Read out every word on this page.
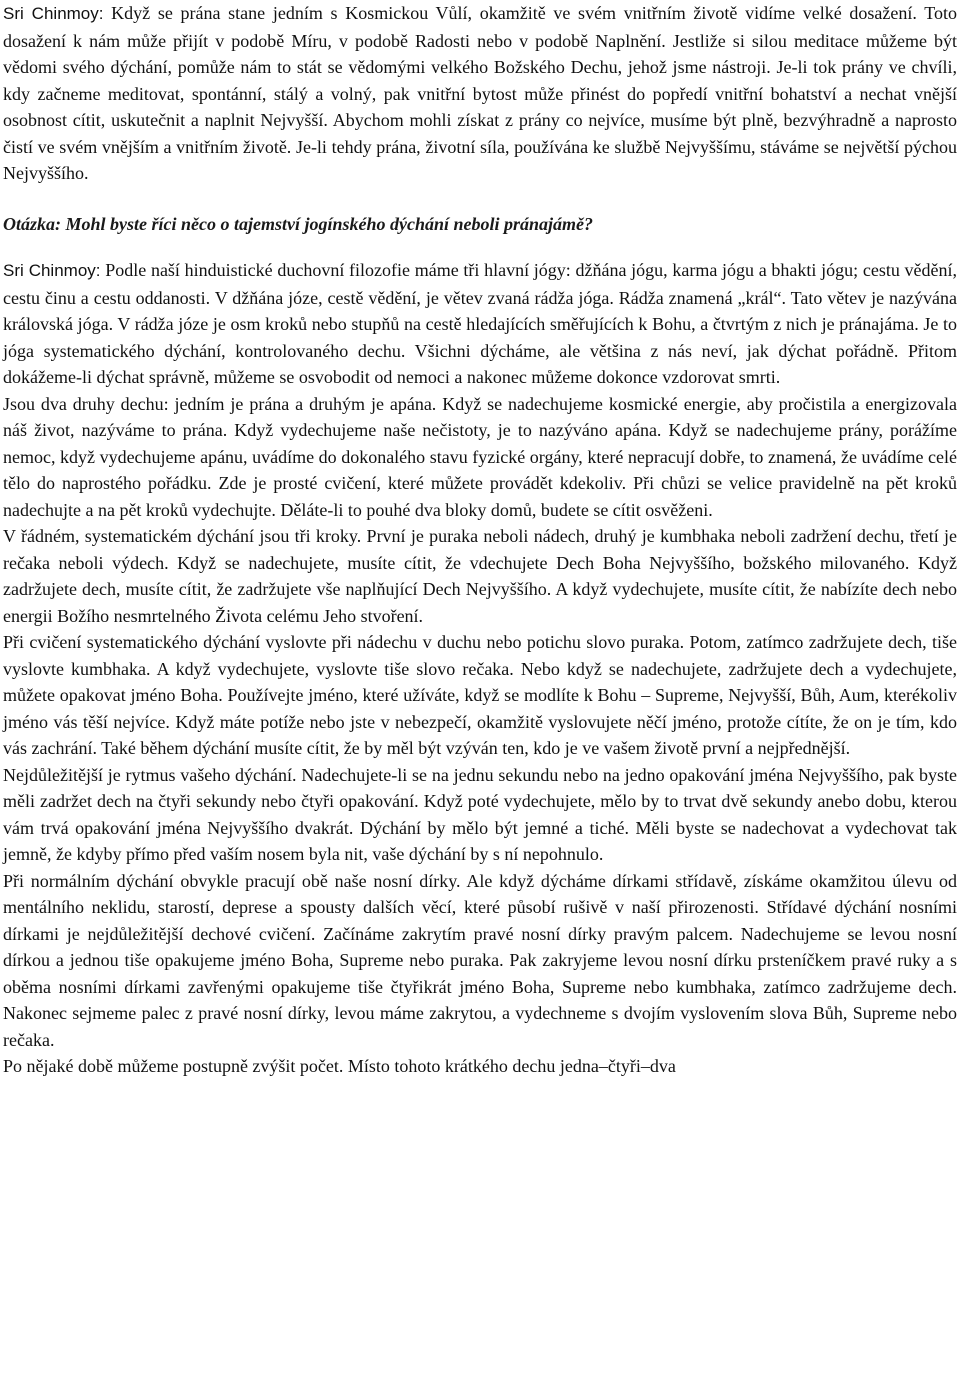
Sri Chinmoy: Když se prána stane jedním s Kosmickou Vůlí, okamžitě ve svém vnitřním životě vidíme velké dosažení. Toto dosažení k nám může přijít v podobě Míru, v podobě Radosti nebo v podobě Naplnění. Jestliže si silou meditace můžeme být vědomi svého dýchání, pomůže nám to stát se vědomými velkého Božského Dechu, jehož jsme nástroji. Je-li tok prány ve chvíli, kdy začneme meditovat, spontánní, stálý a volný, pak vnitřní bytost může přinést do popředí vnitřní bohatství a nechat vnější osobnost cítit, uskutečnit a naplnit Nejvyšší. Abychom mohli získat z prány co nejvíce, musíme být plně, bezvýhradně a naprosto čistí ve svém vnějším a vnitřním životě. Je-li tehdy prána, životní síla, používána ke službě Nejvyššímu, stáváme se největší pýchou Nejvyššího.

Otázka: Mohl byste říci něco o tajemství jogínského dýchání neboli pránajámě?

Sri Chinmoy: Podle naší hinduistické duchovní filozofie máme tři hlavní jógy: džňána jógu, karma jógu a bhakti jógu; cestu vědění, cestu činu a cestu oddanosti. V džňána józe, cestě vědění, je větev zvaná rádža jóga. Rádža znamená „král“. Tato větev je nazývána královská jóga. V rádža józe je osm kroků nebo stupňů na cestě hledajících směřujících k Bohu, a čtvrtým z nich je pránajáma. Je to jóga systematického dýchání, kontrolovaného dechu. Všichni dýcháme, ale většina z nás neví, jak dýchat pořádně. Přitom dokážeme-li dýchat správně, můžeme se osvobodit od nemoci a nakonec můžeme dokonce vzdorovat smrti.

Jsou dva druhy dechu: jedním je prána a druhým je apána. Když se nadechujeme kosmické energie, aby pročistila a energizovala náš život, nazýváme to prána. Když vydechujeme naše nečistoty, je to nazýváno apána. Když se nadechujeme prány, porážíme nemoc, když vydechujeme apánu, uvádíme do dokonalého stavu fyzické orgány, které nepracují dobře, to znamená, že uvádíme celé tělo do naprostého pořádku. Zde je prosté cvičení, které můžete provádět kdekoliv. Při chůzi se velice pravidelně na pět kroků nadechujte a na pět kroků vydechujte. Děláte-li to pouhé dva bloky domů, budete se cítit osvěženi.

V řádném, systematickém dýchání jsou tři kroky. První je puraka neboli nádech, druhý je kumbhaka neboli zadržení dechu, třetí je rečaka neboli výdech. Když se nadechujete, musíte cítit, že vdechujete Dech Boha Nejvyššího, božského milovaného. Když zadržujete dech, musíte cítit, že zadržujete vše naplňující Dech Nejvyššího. A když vydechujete, musíte cítit, že nabízíte dech nebo energii Božího nesmrtelného Života celému Jeho stvoření.

Při cvičení systematického dýchání vyslovte při nádechu v duchu nebo potichu slovo puraka. Potom, zatímco zadržujete dech, tiše vyslovte kumbhaka. A když vydechujete, vyslovte tiše slovo rečaka. Nebo když se nadechujete, zadržujete dech a vydechujete, můžete opakovat jméno Boha. Používejte jméno, které užíváte, když se modlíte k Bohu – Supreme, Nejvyšší, Bůh, Aum, kterékoliv jméno vás těší nejvíce. Když máte potíže nebo jste v nebezpečí, okamžitě vyslovujete něčí jméno, protože cítíte, že on je tím, kdo vás zachrání. Také během dýchání musíte cítit, že by měl být vzýván ten, kdo je ve vašem životě první a nejpřednější.

Nejdůležitější je rytmus vašeho dýchání. Nadechujete-li se na jednu sekundu nebo na jedno opakování jména Nejvyššího, pak byste měli zadržet dech na čtyři sekundy nebo čtyři opakování. Když poté vydechujete, mělo by to trvat dvě sekundy anebo dobu, kterou vám trvá opakování jména Nejvyššího dvakrát. Dýchání by mělo být jemné a tiché. Měli byste se nadechovat a vydechovat tak jemně, že kdyby přímo před vaším nosem byla nit, vaše dýchání by s ní nepohnulo.

Při normálním dýchání obvykle pracují obě naše nosní dírky. Ale když dýcháme dírkami střídavě, získáme okamžitou úlevu od mentálního neklidu, starostí, deprese a spousty dalších věcí, které působí rušivě v naší přirozenosti. Střídavé dýchání nosními dírkami je nejdůležitější dechové cvičení. Začínáme zakrytím pravé nosní dírky pravým palcem. Nadechujeme se levou nosní dírkou a jednou tiše opakujeme jméno Boha, Supreme nebo puraka. Pak zakryjeme levou nosní dírku prsteníčkem pravé ruky a s oběma nosními dírkami zavřenými opakujeme tiše čtyřikrát jméno Boha, Supreme nebo kumbhaka, zatímco zadržujeme dech. Nakonec sejmeme palec z pravé nosní dírky, levou máme zakrytou, a vydechneme s dvojím vyslovením slova Bůh, Supreme nebo rečaka.

Po nějaké době můžeme postupně zvýšit počet. Místo tohoto krátkého dechu jedna–čtyři–dva
